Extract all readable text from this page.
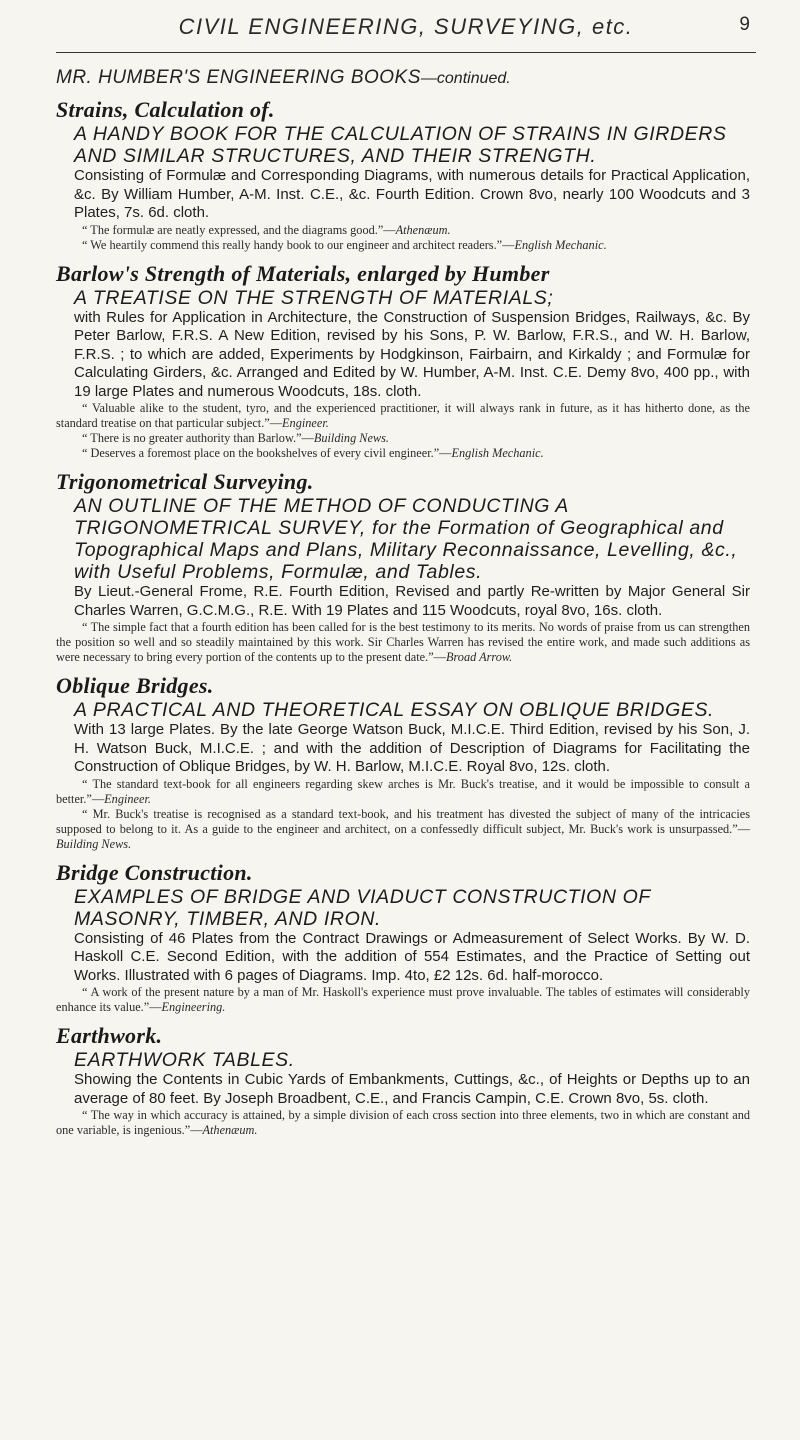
CIVIL ENGINEERING, SURVEYING, etc.	9
MR. HUMBER'S ENGINEERING BOOKS—continued.
Strains, Calculation of.
A HANDY BOOK FOR THE CALCULATION OF STRAINS IN GIRDERS AND SIMILAR STRUCTURES, AND THEIR STRENGTH.
Consisting of Formulæ and Corresponding Diagrams, with numerous details for Practical Application, &c. By William Humber, A-M. Inst. C.E., &c. Fourth Edition. Crown 8vo, nearly 100 Woodcuts and 3 Plates, 7s. 6d. cloth.
“ The formulæ are neatly expressed, and the diagrams good.”—Athenæum.
“ We heartily commend this really handy book to our engineer and architect readers.”—English Mechanic.
Barlow's Strength of Materials, enlarged by Humber
A TREATISE ON THE STRENGTH OF MATERIALS;
with Rules for Application in Architecture, the Construction of Suspension Bridges, Railways, &c. By Peter Barlow, F.R.S. A New Edition, revised by his Sons, P. W. Barlow, F.R.S., and W. H. Barlow, F.R.S. ; to which are added, Experiments by Hodgkinson, Fairbairn, and Kirkaldy ; and Formulæ for Calculating Girders, &c. Arranged and Edited by W. Humber, A-M. Inst. C.E. Demy 8vo, 400 pp., with 19 large Plates and numerous Woodcuts, 18s. cloth.
“ Valuable alike to the student, tyro, and the experienced practitioner, it will always rank in future, as it has hitherto done, as the standard treatise on that particular subject.”—Engineer.
“ There is no greater authority than Barlow.”—Building News.
“ Deserves a foremost place on the bookshelves of every civil engineer.”—English Mechanic.
Trigonometrical Surveying.
AN OUTLINE OF THE METHOD OF CONDUCTING A TRIGONOMETRICAL SURVEY, for the Formation of Geographical and Topographical Maps and Plans, Military Reconnaissance, Levelling, &c., with Useful Problems, Formulæ, and Tables.
By Lieut.-General Frome, R.E. Fourth Edition, Revised and partly Re-written by Major General Sir Charles Warren, G.C.M.G., R.E. With 19 Plates and 115 Woodcuts, royal 8vo, 16s. cloth.
“ The simple fact that a fourth edition has been called for is the best testimony to its merits. No words of praise from us can strengthen the position so well and so steadily maintained by this work. Sir Charles Warren has revised the entire work, and made such additions as were necessary to bring every portion of the contents up to the present date.”—Broad Arrow.
Oblique Bridges.
A PRACTICAL AND THEORETICAL ESSAY ON OBLIQUE BRIDGES.
With 13 large Plates. By the late George Watson Buck, M.I.C.E. Third Edition, revised by his Son, J. H. Watson Buck, M.I.C.E. ; and with the addition of Description of Diagrams for Facilitating the Construction of Oblique Bridges, by W. H. Barlow, M.I.C.E. Royal 8vo, 12s. cloth.
“ The standard text-book for all engineers regarding skew arches is Mr. Buck's treatise, and it would be impossible to consult a better.”—Engineer.
“ Mr. Buck's treatise is recognised as a standard text-book, and his treatment has divested the subject of many of the intricacies supposed to belong to it. As a guide to the engineer and architect, on a confessedly difficult subject, Mr. Buck's work is unsurpassed.”—Building News.
Bridge Construction.
EXAMPLES OF BRIDGE AND VIADUCT CONSTRUCTION OF MASONRY, TIMBER, AND IRON.
Consisting of 46 Plates from the Contract Drawings or Admeasurement of Select Works. By W. D. Haskoll C.E. Second Edition, with the addition of 554 Estimates, and the Practice of Setting out Works. Illustrated with 6 pages of Diagrams. Imp. 4to, £2 12s. 6d. half-morocco.
“ A work of the present nature by a man of Mr. Haskoll's experience must prove invaluable. The tables of estimates will considerably enhance its value.”—Engineering.
Earthwork.
EARTHWORK TABLES.
Showing the Contents in Cubic Yards of Embankments, Cuttings, &c., of Heights or Depths up to an average of 80 feet. By Joseph Broadbent, C.E., and Francis Campin, C.E. Crown 8vo, 5s. cloth.
“ The way in which accuracy is attained, by a simple division of each cross section into three elements, two in which are constant and one variable, is ingenious.”—Athenæum.
